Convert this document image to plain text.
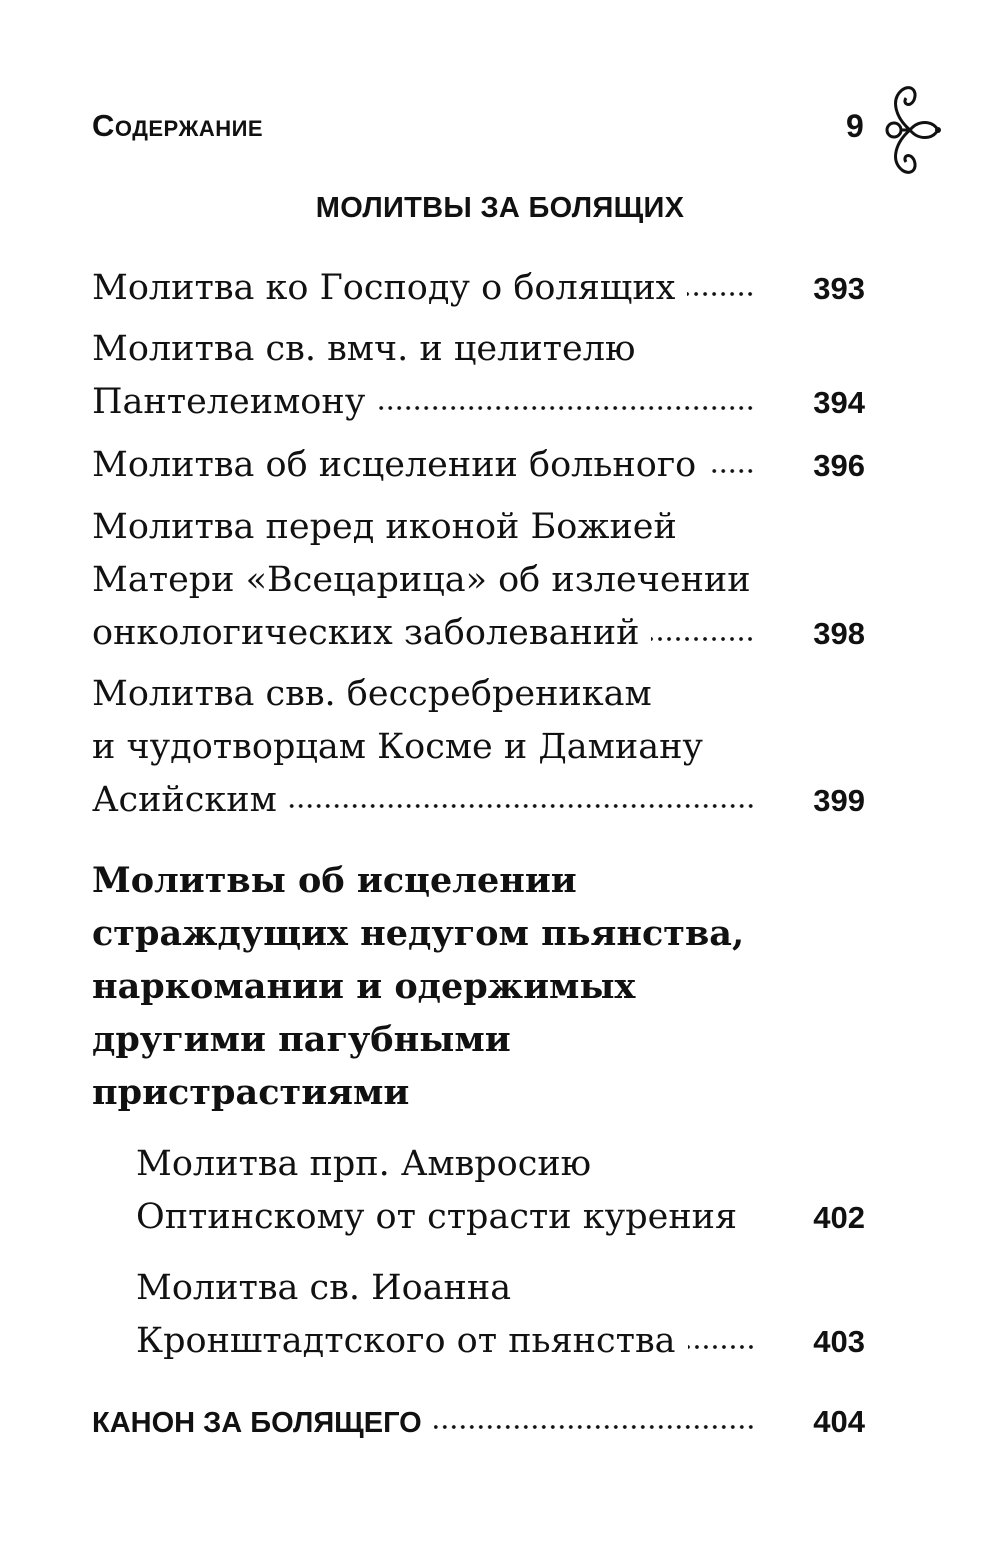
Содержание	9
МОЛИТВЫ ЗА БОЛЯЩИХ
Молитва ко Господу о болящих	393
Молитва св. вмч. и целителю
Пантелеимону	394
Молитва об исцелении больного	396
Молитва перед иконой Божией
Матери «Всецарица» об излечении
онкологических заболеваний	398
Молитва свв. бессребреникам
и чудотворцам Косме и Дамиану
Асийским	399
Молитвы об исцелении
страждущих недугом пьянства,
наркомании и одержимых
другими пагубными
пристрастиями
Молитва прп. Амвросию
Оптинскому от страсти курения 402
Молитва св. Иоанна
Кронштадтского от пьянства	403
КАНОН ЗА БОЛЯЩЕГО	404
